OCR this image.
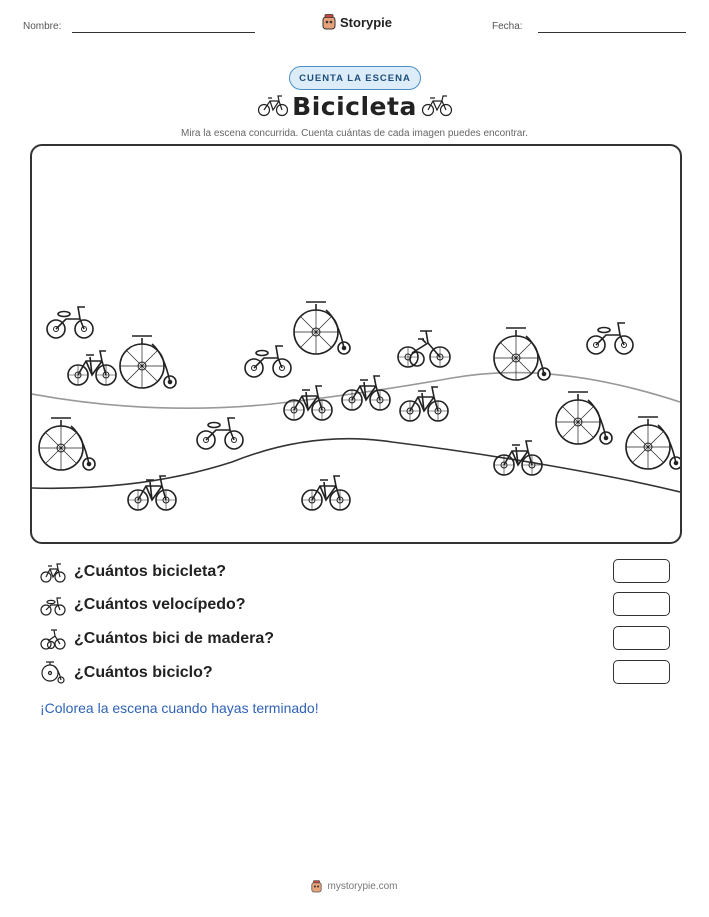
Nombre:	Storypie	Fecha:
CUENTA LA ESCENA
Bicicleta
Mira la escena concurrida. Cuenta cuántas de cada imagen puedes encontrar.
¿Cuántos bicicleta?
¿Cuántos velocípedo?
¿Cuántos bici de madera?
¿Cuántos biciclo?
¡Colorea la escena cuando hayas terminado!
mystorypie.com
